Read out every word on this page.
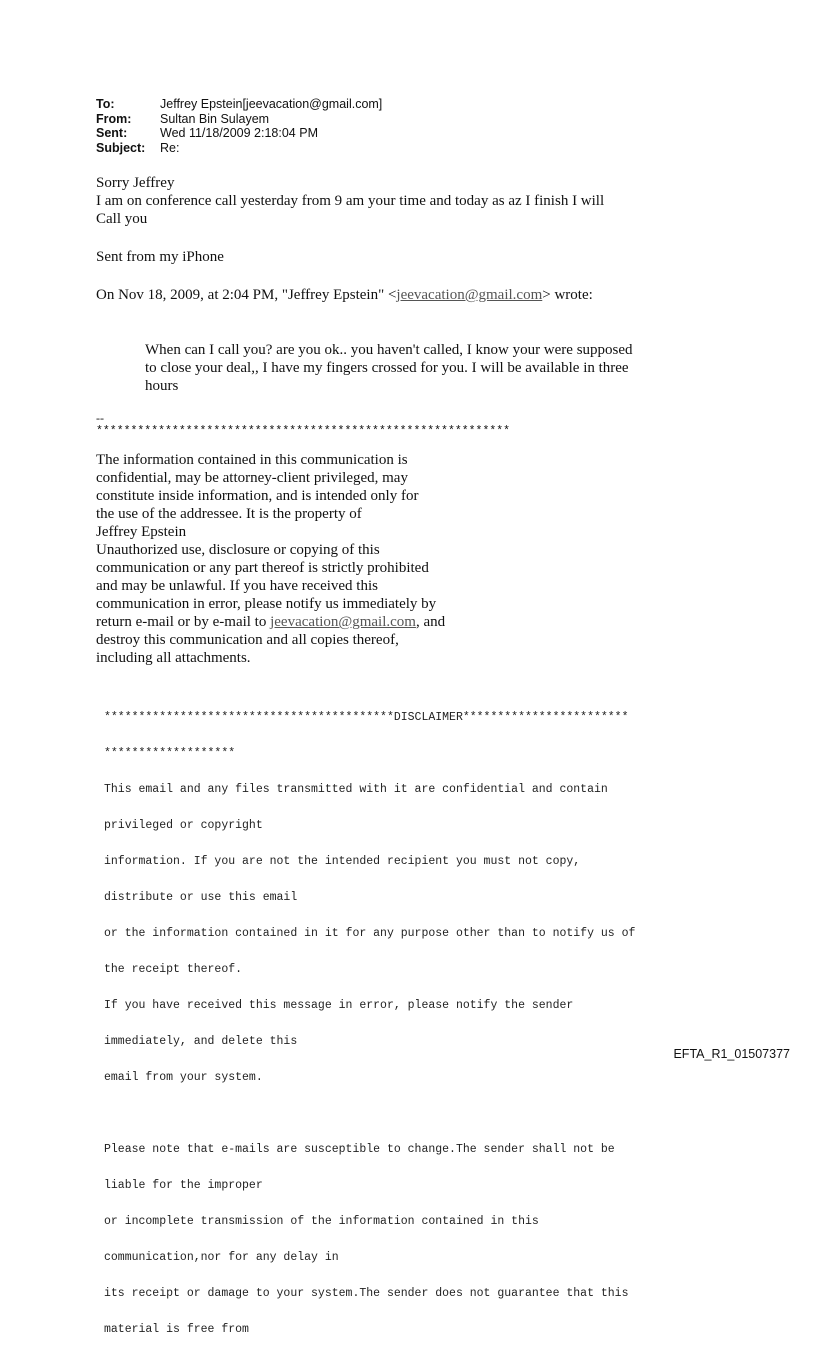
To:	Jeffrey Epstein[jeevacation@gmail.com]
From:	Sultan Bin Sulayem
Sent:	Wed 11/18/2009 2:18:04 PM
Subject:	Re:
Sorry Jeffrey
I am on conference call yesterday from 9 am your time and today as az I finish I will
Call you
Sent from my iPhone
On Nov 18, 2009, at 2:04 PM, "Jeffrey Epstein" <jeevacation@gmail.com> wrote:
When can I call you? are you ok.. you haven't called, I know your were supposed
to close your deal,, I have my fingers crossed for you. I will be available in three
hours
--
************************************************************
The information contained in this communication is
confidential, may be attorney-client privileged, may
constitute inside information, and is intended only for
the use of the addressee. It is the property of
Jeffrey Epstein
Unauthorized use, disclosure or copying of this
communication or any part thereof is strictly prohibited
and may be unlawful. If you have received this
communication in error, please notify us immediately by
return e-mail or by e-mail to jeevacation@gmail.com, and
destroy this communication and all copies thereof,
including all attachments.

******************************************DISCLAIMER************************

*******************

This email and any files transmitted with it are confidential and contain

privileged or copyright

information. If you are not the intended recipient you must not copy,

distribute or use this email

or the information contained in it for any purpose other than to notify us of

the receipt thereof.

If you have received this message in error, please notify the sender

immediately, and delete this

email from your system.

Please note that e-mails are susceptible to change.The sender shall not be

liable for the improper

or incomplete transmission of the information contained in this

communication,nor for any delay in

its receipt or damage to your system.The sender does not guarantee that this

material is free from

EFTA_R1_01507377
